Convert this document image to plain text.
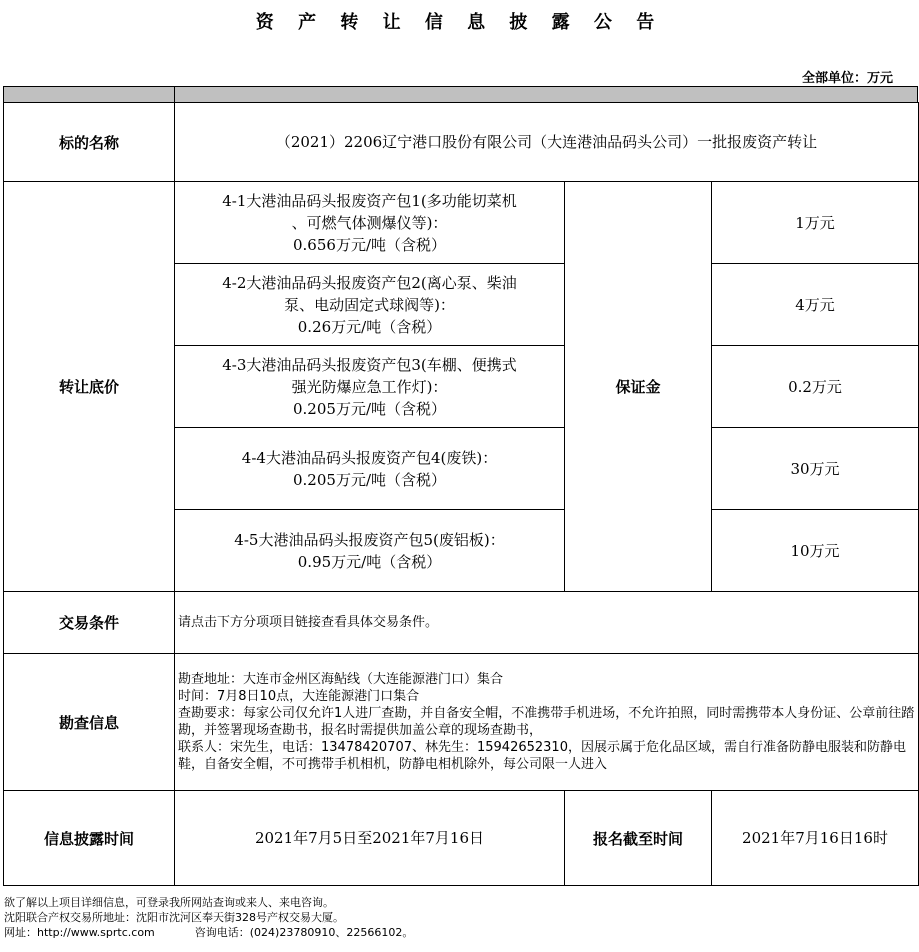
资 产 转 让 信 息 披 露 公 告
全部单位：万元
标的名称	（2021）2206辽宁港口股份有限公司（大连港油品码头公司）一批报废资产转让		
转让底价	4-1大港油品码头报废资产包1(多功能切菜机
、可燃气体测爆仪等)：
0.656万元/吨（含税）	保证金	1万元

	4-2大港油品码头报废资产包2(离心泵、柴油
泵、电动固定式球阀等)：
0.26万元/吨（含税）		4万元

	4-3大港油品码头报废资产包3(车棚、便携式
强光防爆应急工作灯)：
0.205万元/吨（含税）		0.2万元

	4-4大港油品码头报废资产包4(废铁)：
0.205万元/吨（含税）		30万元

	4-5大港油品码头报废资产包5(废铝板)：
0.95万元/吨（含税）		10万元
交易条件	请点击下方分项项目链接查看具体交易条件。		
勘查信息	勘查地址：大连市金州区海鲇线（大连能源港门口）集合
时间：7月8日10点，大连能源港门口集合
查勘要求：每家公司仅允许1人进厂查勘，并自备安全帽，不准携带手机进场，不允许拍照，同时需携带本人身份证、公章前往踏勘，并签署现场查勘书，报名时需提供加盖公章的现场查勘书，
联系人：宋先生，电话：13478420707、林先生：15942652310，因展示属于危化品区域，需自行准备防静电服装和防静电鞋，自备安全帽，不可携带手机相机，防静电相机除外，每公司限一人进入		

信息披露时间	2021年7月5日至2021年7月16日	报名截至时间	2021年7月16日16时
欲了解以上项目详细信息，可登录我所网站查询或来人、来电咨询。
沈阳联合产权交易所地址：沈阳市沈河区奉天街328号产权交易大厦。
网址：http://www.sprtc.com	咨询电话：(024)23780910、22566102。
